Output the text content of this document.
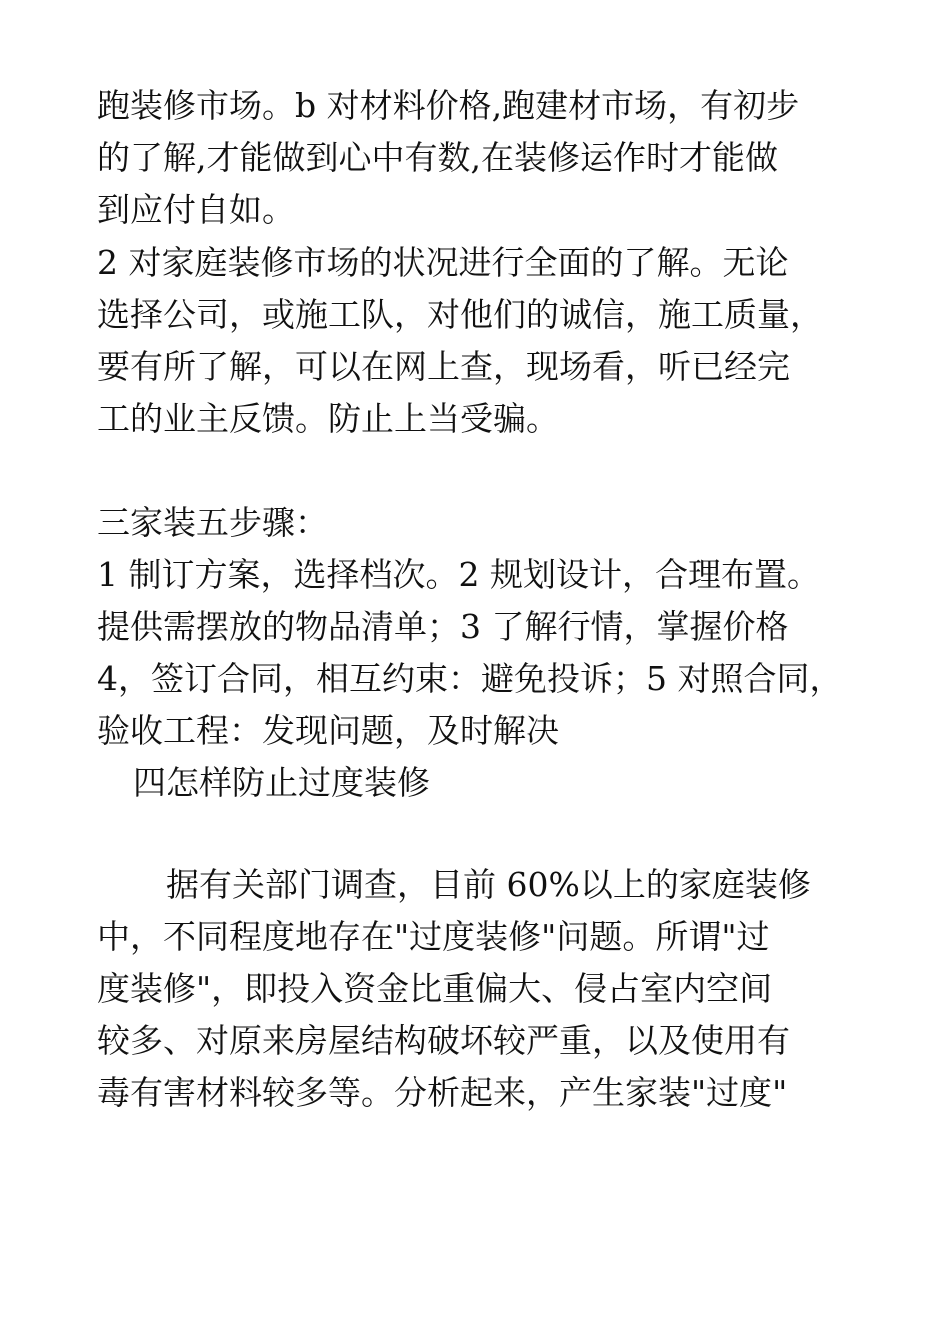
跑装修市场。b 对材料价格,跑建材市场，有初步
的了解,才能做到心中有数,在装修运作时才能做
到应付自如。
2 对家庭装修市场的状况进行全面的了解。无论
选择公司，或施工队，对他们的诚信，施工质量，
要有所了解，可以在网上查，现场看，听已经完
工的业主反馈。防止上当受骗。
三家装五步骤：
1 制订方案，选择档次。2 规划设计，合理布置。
提供需摆放的物品清单；3 了解行情，掌握价格
4，签订合同，相互约束：避免投诉；5 对照合同，
验收工程：发现问题，及时解决
四怎样防止过度装修
据有关部门调查，目前 60%以上的家庭装修
中，不同程度地存在"过度装修"问题。所谓"过
度装修"，即投入资金比重偏大、侵占室内空间
较多、对原来房屋结构破坏较严重，以及使用有
毒有害材料较多等。分析起来，产生家装"过度"
